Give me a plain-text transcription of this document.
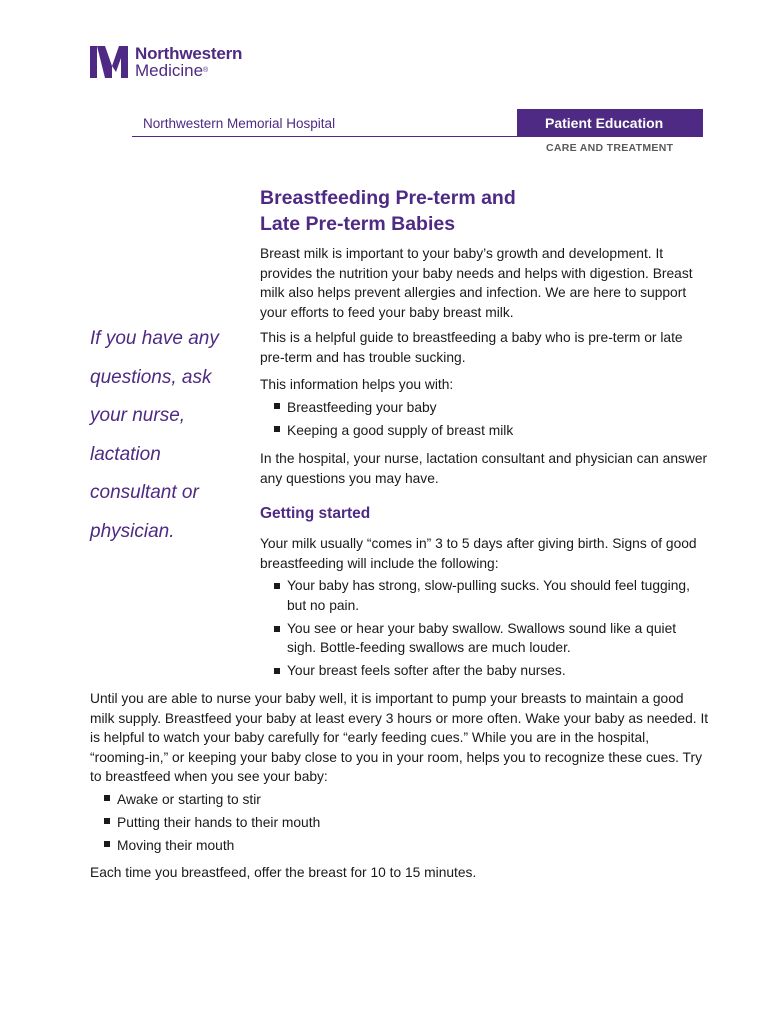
Northwestern
Medicine®
Northwestern Memorial Hospital	Patient Education
CARE AND TREATMENT
Breastfeeding Pre-term and
Late Pre-term Babies
If you have any questions, ask your nurse, lactation consultant or physician.

Breast milk is important to your baby’s growth and development. It provides the nutrition your baby needs and helps with digestion. Breast milk also helps prevent allergies and infection. We are here to support your efforts to feed your baby breast milk.

This is a helpful guide to breastfeeding a baby who is pre-term or late pre-term and has trouble sucking.

This information helps you with:

Breastfeeding your baby
Keeping a good supply of breast milk

In the hospital, your nurse, lactation consultant and physician can answer any questions you may have.

Getting started

Your milk usually “comes in” 3 to 5 days after giving birth. Signs of good breastfeeding will include the following:

Your baby has strong, slow-pulling sucks. You should feel tugging, but no pain.
You see or hear your baby swallow. Swallows sound like a quiet sigh. Bottle-feeding swallows are much louder.
Your breast feels softer after the baby nurses.

Until you are able to nurse your baby well, it is important to pump your breasts to maintain a good milk supply. Breastfeed your baby at least every 3 hours or more often. Wake your baby as needed. It is helpful to watch your baby carefully for “early feeding cues.” While you are in the hospital, “rooming-in,” or keeping your baby close to you in your room, helps you to recognize these cues. Try to breastfeed when you see your baby:

Awake or starting to stir
Putting their hands to their mouth
Moving their mouth

Each time you breastfeed, offer the breast for 10 to 15 minutes.
